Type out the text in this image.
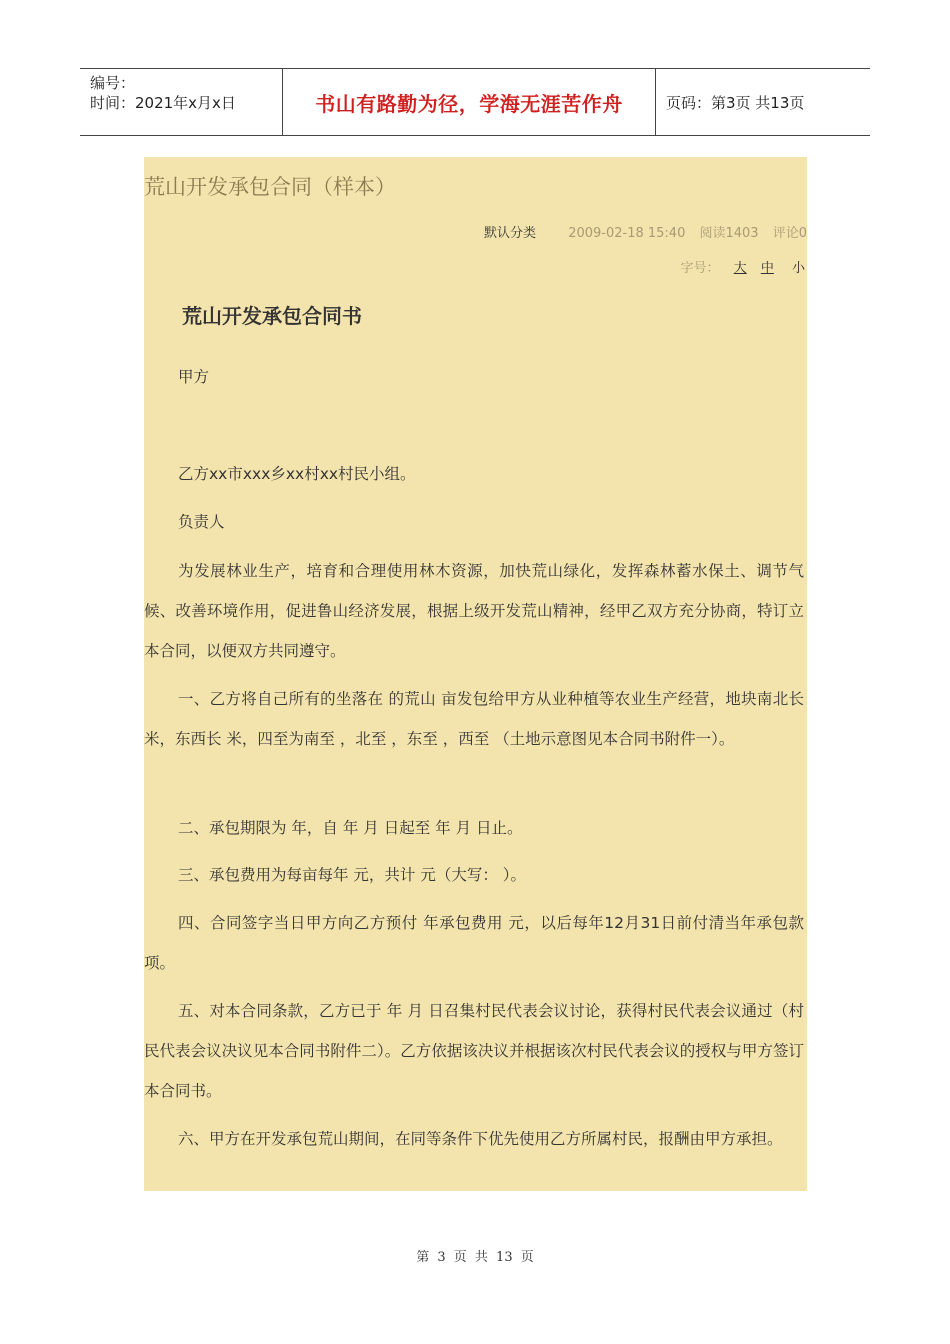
编号：
时间：2021年x月x日	书山有路勤为径，学海无涯苦作舟	页码：第3页 共13页
荒山开发承包合同（样本）
默认分类 2009-02-18 15:40 阅读1403 评论0
字号： 大 中 小
荒山开发承包合同书

甲方

乙方xx市xxx乡xx村xx村民小组。

负责人

为发展林业生产，培育和合理使用林木资源，加快荒山绿化，发挥森林蓄水保土、调节气候、改善环境作用，促进鲁山经济发展，根据上级开发荒山精神，经甲乙双方充分协商，特订立本合同，以便双方共同遵守。

一、乙方将自己所有的坐落在 的荒山 亩发包给甲方从业种植等农业生产经营，地块南北长 米，东西长 米，四至为南至 ，北至 ，东至 ，西至 （土地示意图见本合同书附件一）。

二、承包期限为 年，自 年 月 日起至 年 月 日止。

三、承包费用为每亩每年 元，共计 元（大写： ）。

四、合同签字当日甲方向乙方预付 年承包费用 元，以后每年12月31日前付清当年承包款项。

五、对本合同条款，乙方已于 年 月 日召集村民代表会议讨论，获得村民代表会议通过（村民代表会议决议见本合同书附件二）。乙方依据该决议并根据该次村民代表会议的授权与甲方签订本合同书。

六、甲方在开发承包荒山期间，在同等条件下优先使用乙方所属村民，报酬由甲方承担。

第 3 页 共 13 页
